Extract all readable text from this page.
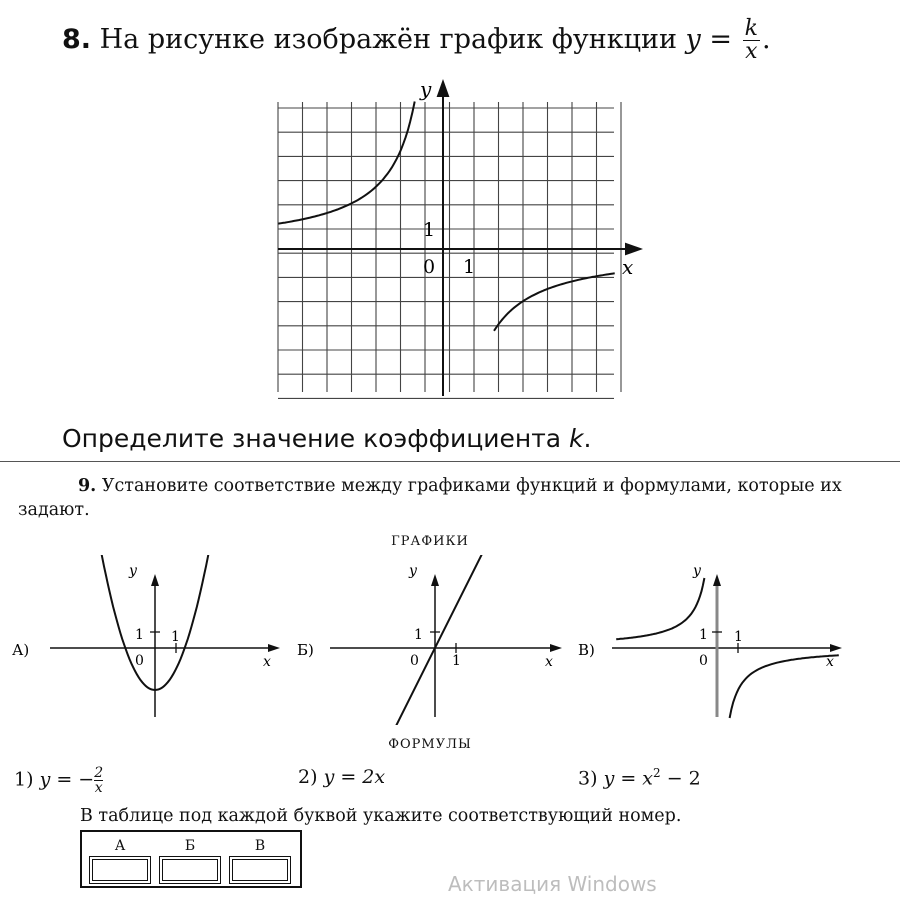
8. На рисунке изображён график функции $y = \frac{k}{x}$ .
y
x
0 1
1
Определите значение коэффициента k.
9. Установите соответствие между графиками функций и формулами, которые их задают.
ГРАФИКИ
А)
y
x
0
1 1
Б)
y
x
0
1
1
В)
y
x
0
1 1
ФОРМУЛЫ
1) y = − $\frac{2}{x}$	2) y = 2x	3) $y = x^2 - 2$
В таблице под каждой буквой укажите соответствующий номер.
А	Б	В
Активация Windows
